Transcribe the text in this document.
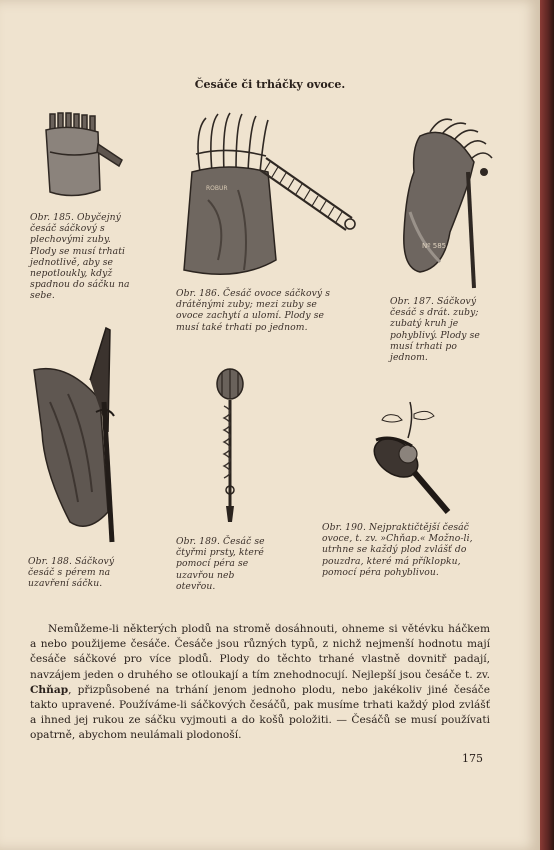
Česáče či trháčky ovoce.
Obr. 185. Obyčejný česáč sáčkový s plechovými zuby. Plody se musí trhati jednotlivě, aby se nepotloukly, když spadnou do sáčku na sebe.
ROBUR
Obr. 186. Česáč ovoce sáčkový s drátěnými zuby; mezi zuby se ovoce zachytí a ulomí. Plody se musí také trhati po jednom.
Nº 585
Obr. 187. Sáčkový česáč s drát. zuby; zubatý kruh je pohyblivý. Plody se musí trhati po jednom.
Obr. 188. Sáčkový česáč s pérem na uzavření sáčku.
Obr. 189. Česáč se čtyřmi prsty, které pomocí péra se uzavřou neb otevřou.
Obr. 190. Nejpraktičtější česáč ovoce, t. zv. »Chňap.« Možno-li, utrhne se každý plod zvlášť do pouzdra, které má příklopku, pomocí péra pohyblivou.

Nemůžeme-li některých plodů na stromě dosáhnouti, ohneme si větévku háčkem a nebo použijeme česáče. Česáče jsou různých typů, z nichž nejmenší hodnotu mají česáče sáčkové pro více plodů. Plody do těchto trhané vlastně dovnitř padají, navzájem jeden o druhého se otloukají a tím znehodnocují. Nejlepší jsou česáče t. zv. Chňap, přizpůsobené na trhání jenom jednoho plodu, nebo jakékoliv jiné česáče takto upravené. Používáme-li sáčkových česáčů, pak musíme trhati každý plod zvlášť a ihned jej rukou ze sáčku vyjmouti a do košů položiti. — Česáčů se musí používati opatrně, abychom neulámali plodonoší.

175
